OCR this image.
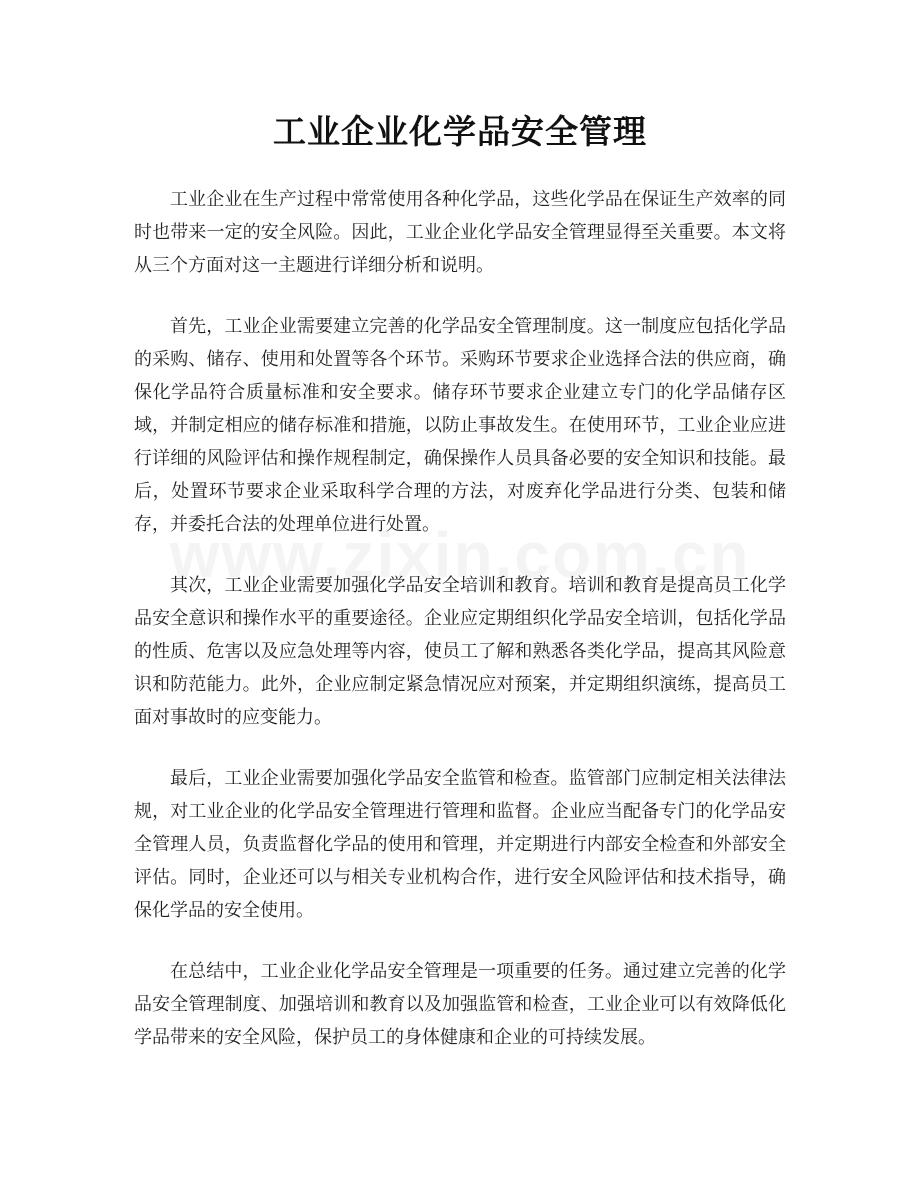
工业企业化学品安全管理

工业企业在生产过程中常常使用各种化学品，这些化学品在保证生产效率的同时也带来一定的安全风险。因此，工业企业化学品安全管理显得至关重要。本文将从三个方面对这一主题进行详细分析和说明。

首先，工业企业需要建立完善的化学品安全管理制度。这一制度应包括化学品的采购、储存、使用和处置等各个环节。采购环节要求企业选择合法的供应商，确保化学品符合质量标准和安全要求。储存环节要求企业建立专门的化学品储存区域，并制定相应的储存标准和措施，以防止事故发生。在使用环节，工业企业应进行详细的风险评估和操作规程制定，确保操作人员具备必要的安全知识和技能。最后，处置环节要求企业采取科学合理的方法，对废弃化学品进行分类、包装和储存，并委托合法的处理单位进行处置。

其次，工业企业需要加强化学品安全培训和教育。培训和教育是提高员工化学品安全意识和操作水平的重要途径。企业应定期组织化学品安全培训，包括化学品的性质、危害以及应急处理等内容，使员工了解和熟悉各类化学品，提高其风险意识和防范能力。此外，企业应制定紧急情况应对预案，并定期组织演练，提高员工面对事故时的应变能力。

最后，工业企业需要加强化学品安全监管和检查。监管部门应制定相关法律法规，对工业企业的化学品安全管理进行管理和监督。企业应当配备专门的化学品安全管理人员，负责监督化学品的使用和管理，并定期进行内部安全检查和外部安全评估。同时，企业还可以与相关专业机构合作，进行安全风险评估和技术指导，确保化学品的安全使用。

在总结中，工业企业化学品安全管理是一项重要的任务。通过建立完善的化学品安全管理制度、加强培训和教育以及加强监管和检查，工业企业可以有效降低化学品带来的安全风险，保护员工的身体健康和企业的可持续发展。
